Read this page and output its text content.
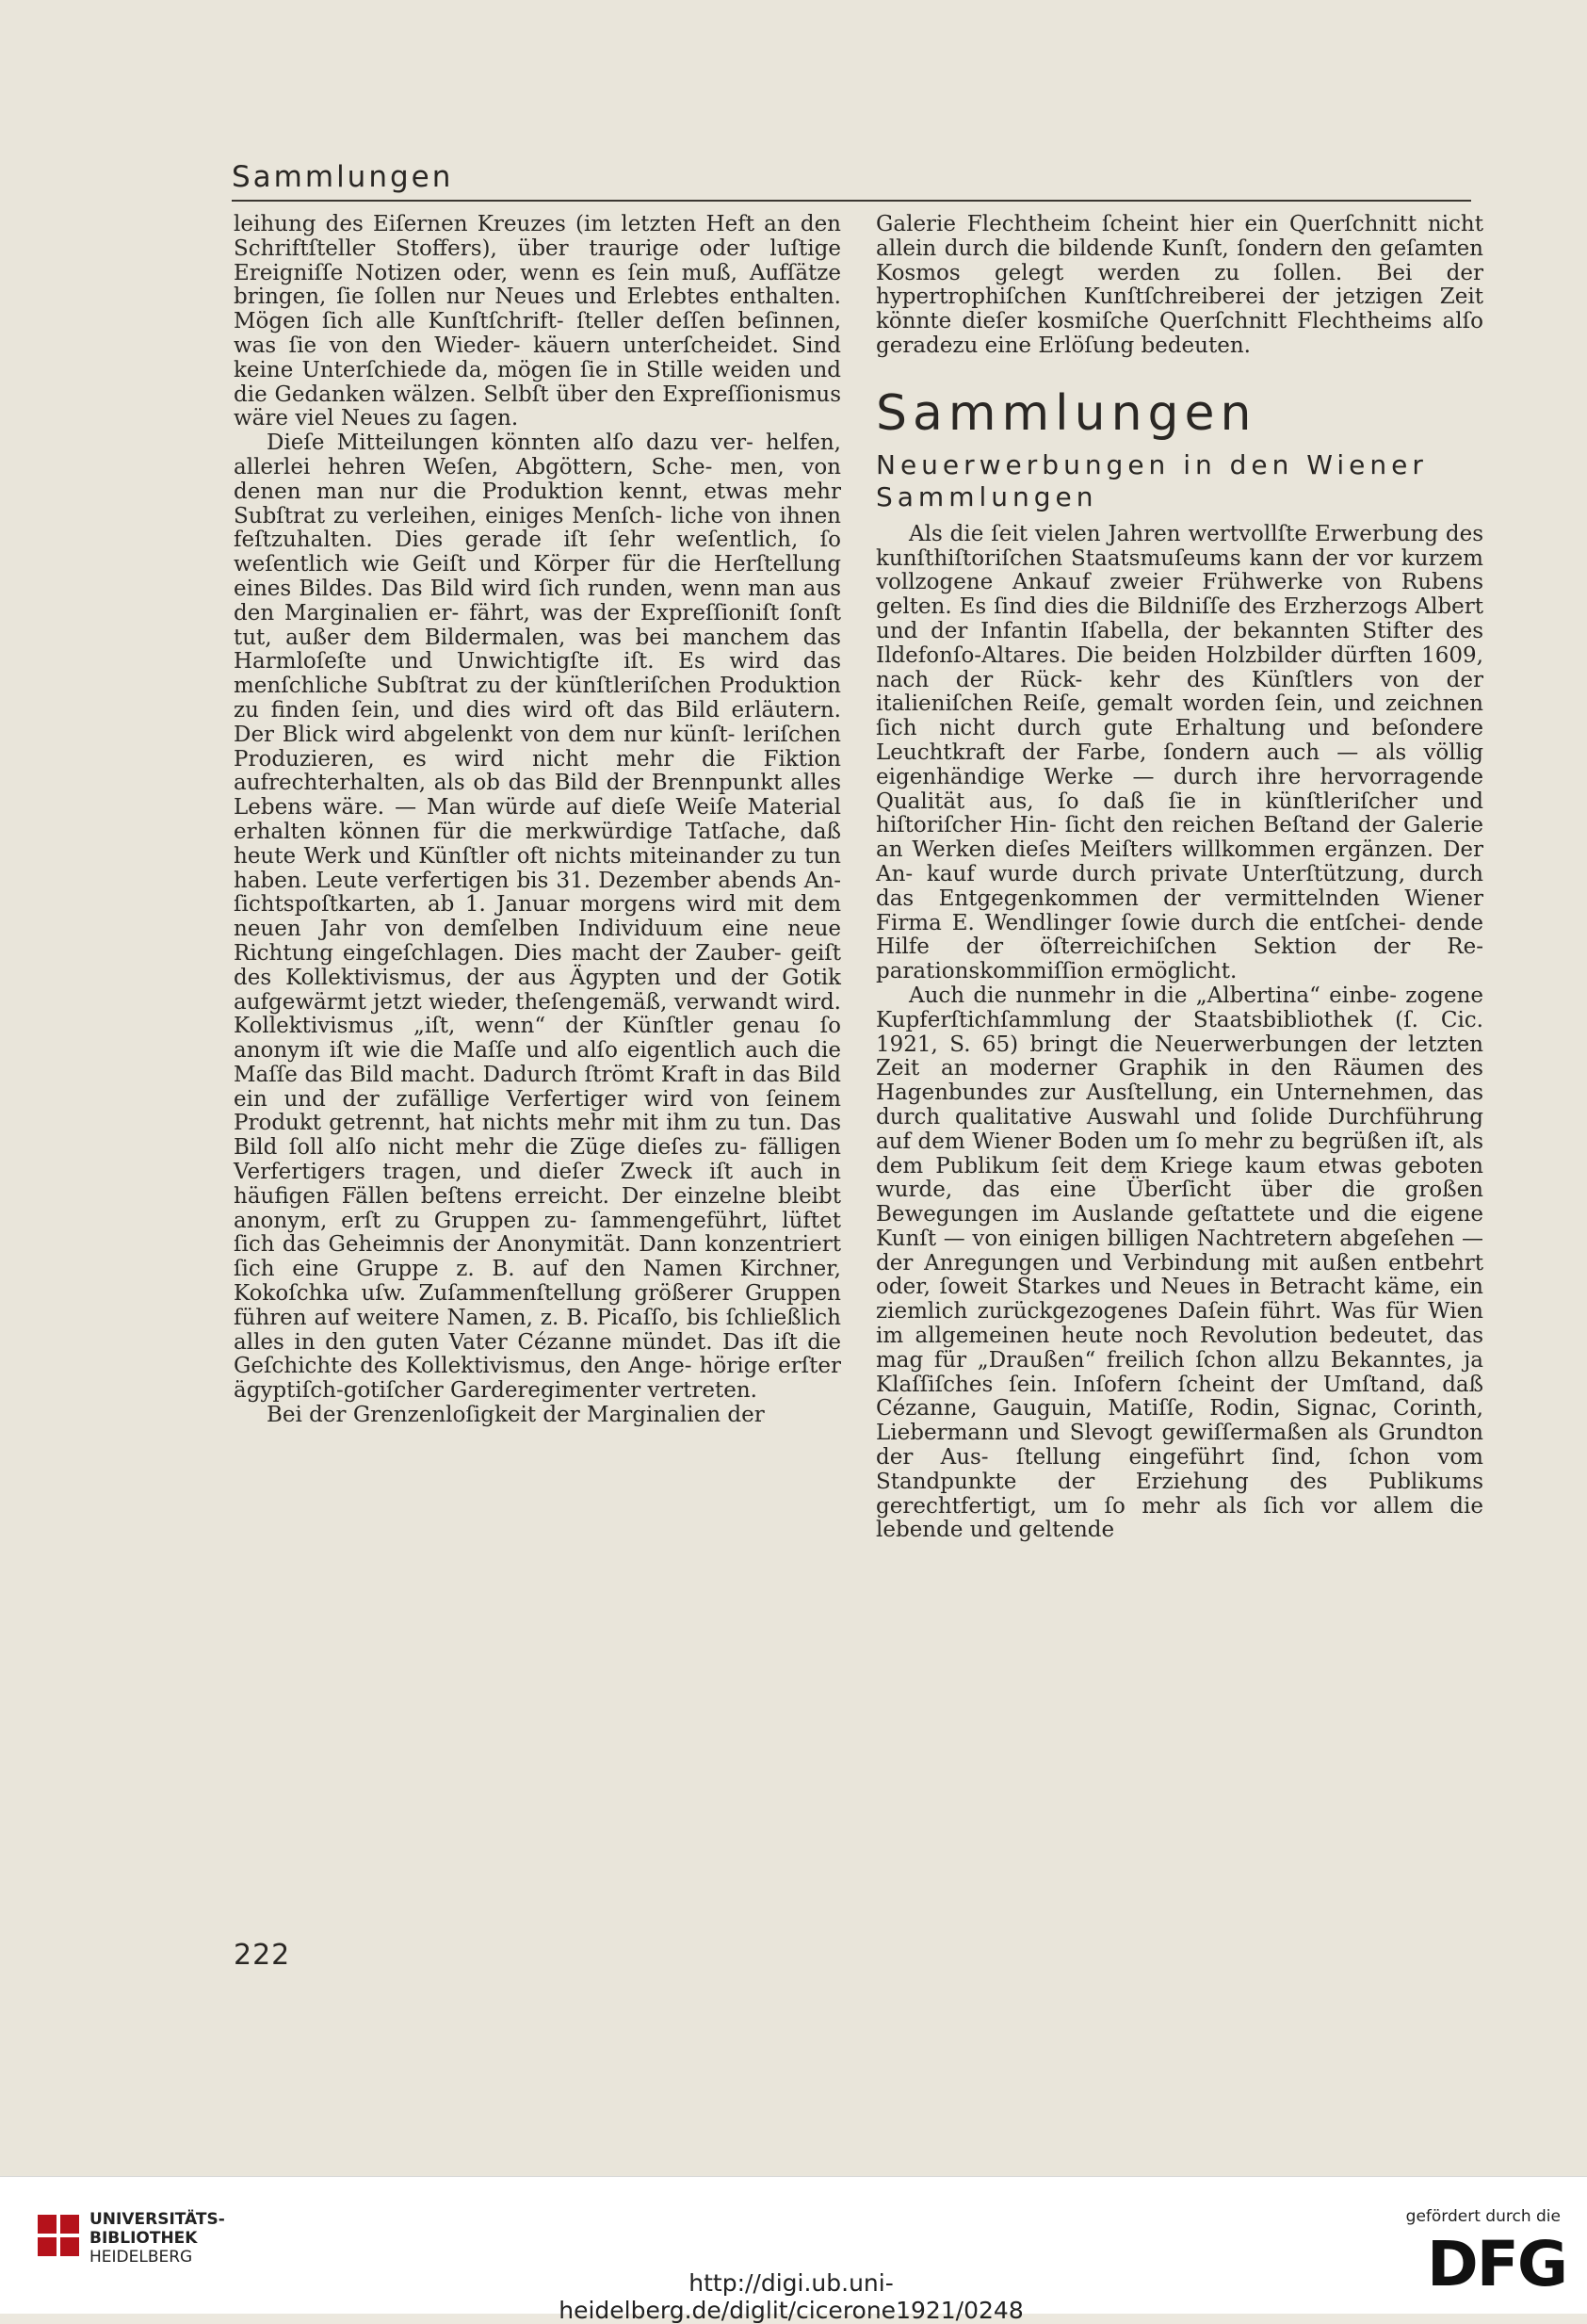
Sammlungen

leihung des Eiſernen Kreuzes (im letzten Heft an den Schriftſteller Stoffers), über traurige oder luſtige Ereigniſſe Notizen oder, wenn es ſein muß, Aufſätze bringen, ſie ſollen nur Neues und Erlebtes enthalten. Mögen ſich alle Kunſtſchrift- ſteller deſſen beſinnen, was ſie von den Wieder- käuern unterſcheidet. Sind keine Unterſchiede da, mögen ſie in Stille weiden und die Gedanken wälzen. Selbſt über den Expreſſionismus wäre viel Neues zu ſagen.

Dieſe Mitteilungen könnten alſo dazu ver- helfen, allerlei hehren Weſen, Abgöttern, Sche- men, von denen man nur die Produktion kennt, etwas mehr Subſtrat zu verleihen, einiges Menſch- liche von ihnen feſtzuhalten. Dies gerade iſt ſehr weſentlich, ſo weſentlich wie Geiſt und Körper für die Herſtellung eines Bildes. Das Bild wird ſich runden, wenn man aus den Marginalien er- fährt, was der Expreſſioniſt ſonſt tut, außer dem Bildermalen, was bei manchem das Harmloſeſte und Unwichtigſte iſt. Es wird das menſchliche Subſtrat zu der künſtleriſchen Produktion zu finden ſein, und dies wird oft das Bild erläutern. Der Blick wird abgelenkt von dem nur künſt- leriſchen Produzieren, es wird nicht mehr die Fiktion aufrechterhalten, als ob das Bild der Brennpunkt alles Lebens wäre. — Man würde auf dieſe Weiſe Material erhalten können für die merkwürdige Tatſache, daß heute Werk und Künſtler oft nichts miteinander zu tun haben. Leute verfertigen bis 31. Dezember abends An- ſichtspoſtkarten, ab 1. Januar morgens wird mit dem neuen Jahr von demſelben Individuum eine neue Richtung eingeſchlagen. Dies macht der Zauber- geiſt des Kollektivismus, der aus Ägypten und der Gotik aufgewärmt jetzt wieder, theſengemäß, verwandt wird. Kollektivismus „iſt, wenn“ der Künſtler genau ſo anonym iſt wie die Maſſe und alſo eigentlich auch die Maſſe das Bild macht. Dadurch ſtrömt Kraft in das Bild ein und der zufällige Verfertiger wird von ſeinem Produkt getrennt, hat nichts mehr mit ihm zu tun. Das Bild ſoll alſo nicht mehr die Züge dieſes zu- fälligen Verfertigers tragen, und dieſer Zweck iſt auch in häufigen Fällen beſtens erreicht. Der einzelne bleibt anonym, erſt zu Gruppen zu- ſammengeführt, lüftet ſich das Geheimnis der Anonymität. Dann konzentriert ſich eine Gruppe z. B. auf den Namen Kirchner, Kokoſchka uſw. Zuſammenſtellung größerer Gruppen führen auf weitere Namen, z. B. Picaſſo, bis ſchließlich alles in den guten Vater Cézanne mündet. Das iſt die Geſchichte des Kollektivismus, den Ange- hörige erſter ägyptiſch-gotiſcher Garderegimenter vertreten.

Bei der Grenzenloſigkeit der Marginalien der

Galerie Flechtheim ſcheint hier ein Querſchnitt nicht allein durch die bildende Kunſt, ſondern den geſamten Kosmos gelegt werden zu ſollen. Bei der hypertrophiſchen Kunſtſchreiberei der jetzigen Zeit könnte dieſer kosmiſche Querſchnitt Flechtheims alſo geradezu eine Erlöſung bedeuten.

Sammlungen
Neuerwerbungen in den Wiener Sammlungen

Als die ſeit vielen Jahren wertvollſte Erwerbung des kunſthiſtoriſchen Staatsmuſeums kann der vor kurzem vollzogene Ankauf zweier Frühwerke von Rubens gelten. Es ſind dies die Bildniſſe des Erzherzogs Albert und der Infantin Iſabella, der bekannten Stifter des Ildefonſo-Altares. Die beiden Holzbilder dürften 1609, nach der Rück- kehr des Künſtlers von der italieniſchen Reiſe, gemalt worden ſein, und zeichnen ſich nicht durch gute Erhaltung und beſondere Leuchtkraft der Farbe, ſondern auch — als völlig eigenhändige Werke — durch ihre hervorragende Qualität aus, ſo daß ſie in künſtleriſcher und hiſtoriſcher Hin- ſicht den reichen Beſtand der Galerie an Werken dieſes Meiſters willkommen ergänzen. Der An- kauf wurde durch private Unterſtützung, durch das Entgegenkommen der vermittelnden Wiener Firma E. Wendlinger ſowie durch die entſchei- dende Hilfe der öſterreichiſchen Sektion der Re- parationskommiſſion ermöglicht.

Auch die nunmehr in die „Albertina“ einbe- zogene Kupferſtichſammlung der Staatsbibliothek (ſ. Cic. 1921, S. 65) bringt die Neuerwerbungen der letzten Zeit an moderner Graphik in den Räumen des Hagenbundes zur Ausſtellung, ein Unternehmen, das durch qualitative Auswahl und ſolide Durchführung auf dem Wiener Boden um ſo mehr zu begrüßen iſt, als dem Publikum ſeit dem Kriege kaum etwas geboten wurde, das eine Überſicht über die großen Bewegungen im Auslande geſtattete und die eigene Kunſt — von einigen billigen Nachtretern abgeſehen — der Anregungen und Verbindung mit außen entbehrt oder, ſoweit Starkes und Neues in Betracht käme, ein ziemlich zurückgezogenes Daſein führt. Was für Wien im allgemeinen heute noch Revolution bedeutet, das mag für „Draußen“ freilich ſchon allzu Bekanntes, ja Klaſſiſches ſein. Inſofern ſcheint der Umſtand, daß Cézanne, Gauguin, Matiſſe, Rodin, Signac, Corinth, Liebermann und Slevogt gewiſſermaßen als Grundton der Aus- ſtellung eingeführt ſind, ſchon vom Standpunkte der Erziehung des Publikums gerechtfertigt, um ſo mehr als ſich vor allem die lebende und geltende

222
UNIVERSITÄTS-
BIBLIOTHEK
HEIDELBERG
http://digi.ub.uni-heidelberg.de/diglit/cicerone1921/0248
gefördert durch die
DFG
